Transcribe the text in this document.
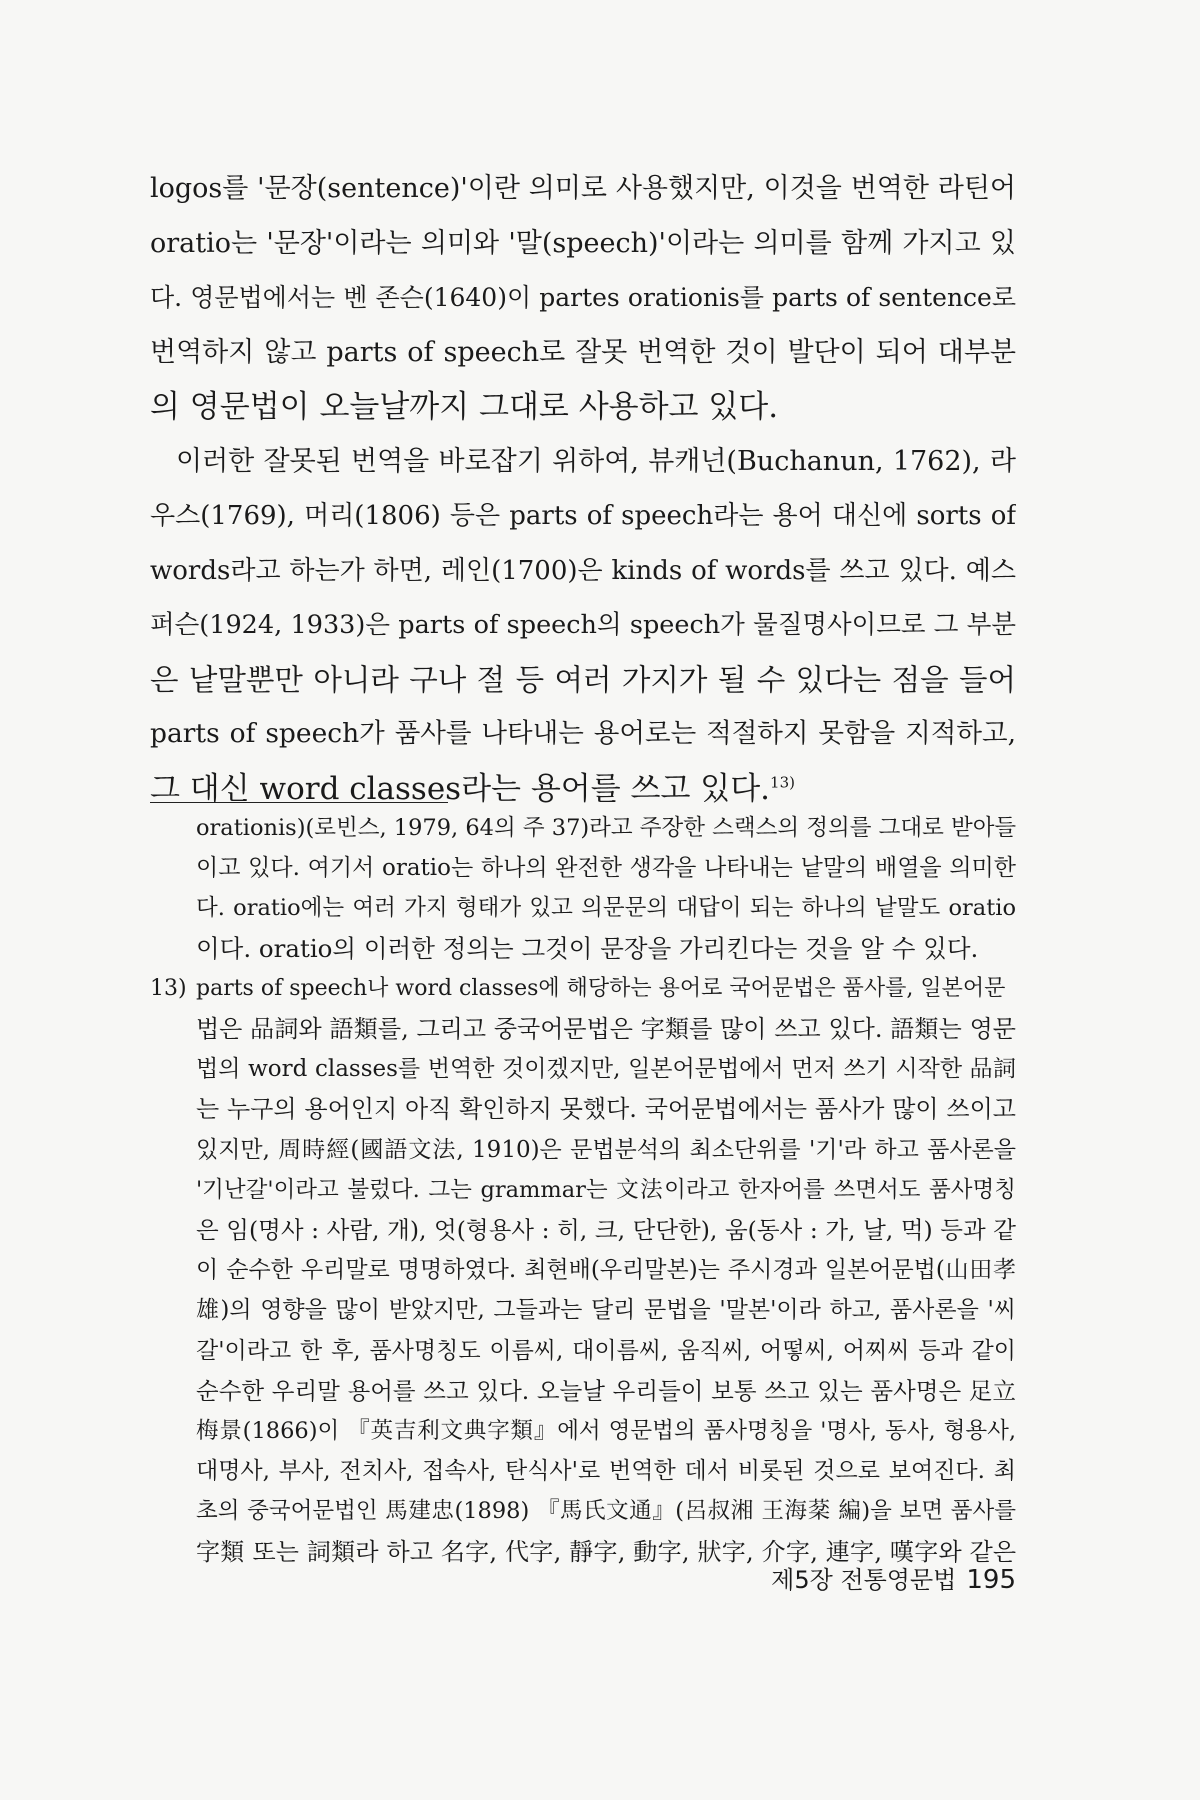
logos를 '문장(sentence)'이란 의미로 사용했지만, 이것을 번역한 라틴어
oratio는 '문장'이라는 의미와 '말(speech)'이라는 의미를 함께 가지고 있
다. 영문법에서는 벤 존슨(1640)이 partes orationis를 parts of sentence로
번역하지 않고 parts of speech로 잘못 번역한 것이 발단이 되어 대부분
의 영문법이 오늘날까지 그대로 사용하고 있다.
이러한 잘못된 번역을 바로잡기 위하여, 뷰캐넌(Buchanun, 1762), 라
우스(1769), 머리(1806) 등은 parts of speech라는 용어 대신에 sorts of
words라고 하는가 하면, 레인(1700)은 kinds of words를 쓰고 있다. 예스
퍼슨(1924, 1933)은 parts of speech의 speech가 물질명사이므로 그 부분
은 낱말뿐만 아니라 구나 절 등 여러 가지가 될 수 있다는 점을 들어
parts of speech가 품사를 나타내는 용어로는 적절하지 못함을 지적하고,
그 대신 word classes라는 용어를 쓰고 있다.$^{13)}$
orationis)(로빈스, 1979, 64의 주 37)라고 주장한 스랙스의 정의를 그대로 받아들
이고 있다. 여기서 oratio는 하나의 완전한 생각을 나타내는 낱말의 배열을 의미한
다. oratio에는 여러 가지 형태가 있고 의문문의 대답이 되는 하나의 낱말도 oratio
이다. oratio의 이러한 정의는 그것이 문장을 가리킨다는 것을 알 수 있다.
13) parts of speech나 word classes에 해당하는 용어로 국어문법은 품사를, 일본어문
법은 品詞와 語類를, 그리고 중국어문법은 字類를 많이 쓰고 있다. 語類는 영문
법의 word classes를 번역한 것이겠지만, 일본어문법에서 먼저 쓰기 시작한 品詞
는 누구의 용어인지 아직 확인하지 못했다. 국어문법에서는 품사가 많이 쓰이고
있지만, 周時經(國語文法, 1910)은 문법분석의 최소단위를 '기'라 하고 품사론을
'기난갈'이라고 불렀다. 그는 grammar는 文法이라고 한자어를 쓰면서도 품사명칭
은 임(명사 : 사람, 개), 엇(형용사 : 히, 크, 단단한), 움(동사 : 가, 날, 먹) 등과 같
이 순수한 우리말로 명명하였다. 최현배(우리말본)는 주시경과 일본어문법(山田孝
雄)의 영향을 많이 받았지만, 그들과는 달리 문법을 '말본'이라 하고, 품사론을 '씨
갈'이라고 한 후, 품사명칭도 이름씨, 대이름씨, 움직씨, 어떻씨, 어찌씨 등과 같이
순수한 우리말 용어를 쓰고 있다. 오늘날 우리들이 보통 쓰고 있는 품사명은 足立
梅景(1866)이 『英吉利文典字類』에서 영문법의 품사명칭을 '명사, 동사, 형용사,
대명사, 부사, 전치사, 접속사, 탄식사'로 번역한 데서 비롯된 것으로 보여진다. 최
초의 중국어문법인 馬建忠(1898) 『馬氏文通』(呂叔湘 王海棻 編)을 보면 품사를
字類 또는 詞類라 하고 名字, 代字, 靜字, 動字, 狀字, 介字, 連字, 嘆字와 같은
제5장 전통영문법 195
